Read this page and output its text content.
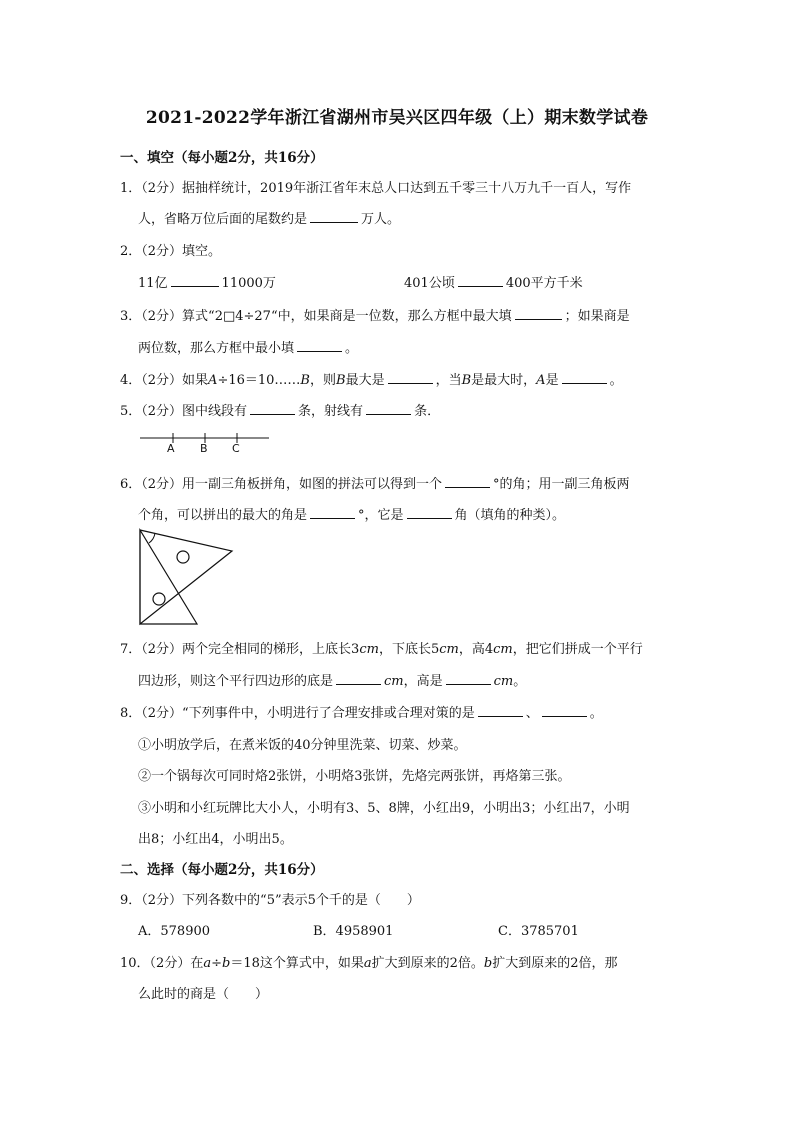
2021-2022学年浙江省湖州市吴兴区四年级（上）期末数学试卷
一、填空（每小题2分，共16分）
1．（2分）据抽样统计，2019年浙江省年末总人口达到五千零三十八万九千一百人，写作
人，省略万位后面的尾数约是	万人。
2．（2分）填空。
11亿	11000万	401公顷	400平方千米
3．（2分）算式“2□4÷27“中，如果商是一位数，那么方框中最大填	；如果商是
两位数，那么方框中最小填	。
4．（2分）如果A÷16＝10……B，则B最大是	，当B是最大时，A是	。
5．（2分）图中线段有	条，射线有	条．
A B C
6．（2分）用一副三角板拼角，如图的拼法可以得到一个	°的角；用一副三角板两
个角，可以拼出的最大的角是	°，它是	角（填角的种类）。
7．（2分）两个完全相同的梯形，上底长3cm，下底长5cm，高4cm，把它们拼成一个平行
四边形，则这个平行四边形的底是	cm，高是	cm。
8．（2分）“下列事件中，小明进行了合理安排或合理对策的是	、	。
①小明放学后，在煮米饭的40分钟里洗菜、切菜、炒菜。
②一个锅每次可同时烙2张饼，小明烙3张饼，先烙完两张饼，再烙第三张。
③小明和小红玩牌比大小人，小明有3、5、8牌，小红出9，小明出3；小红出7，小明
出8；小红出4，小明出5。
二、选择（每小题2分，共16分）
9．（2分）下列各数中的“5”表示5个千的是（　　）
A．578900	B．4958901	C．3785701
10．（2分）在a÷b＝18这个算式中，如果a扩大到原来的2倍。b扩大到原来的2倍，那
么此时的商是（　　）
